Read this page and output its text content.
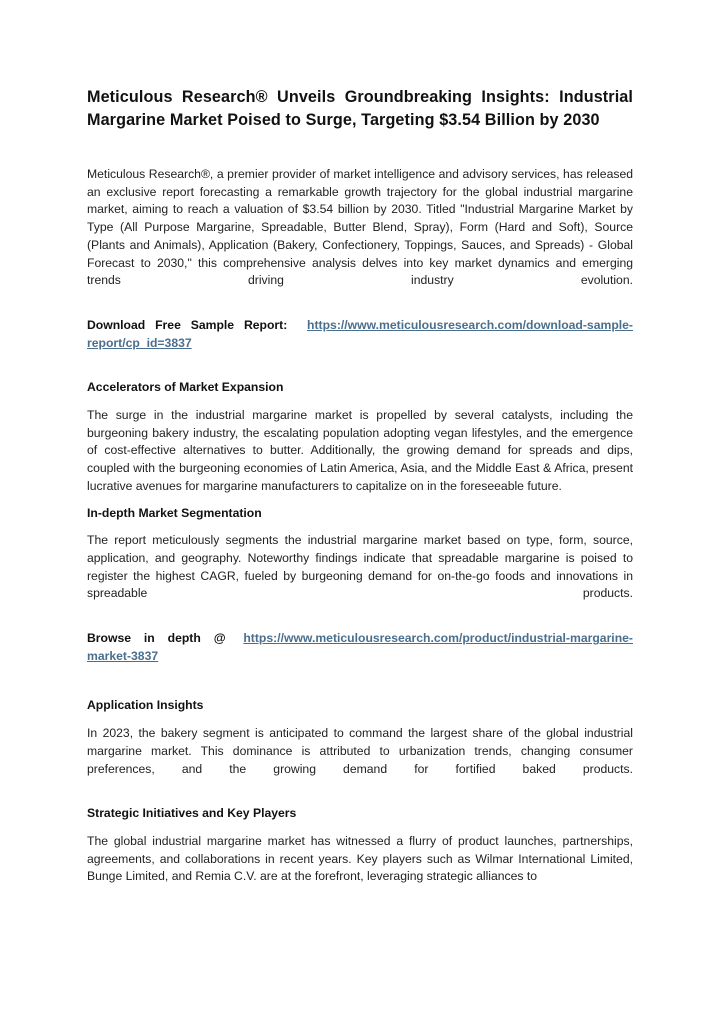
Meticulous Research® Unveils Groundbreaking Insights: Industrial Margarine Market Poised to Surge, Targeting $3.54 Billion by 2030

Meticulous Research®, a premier provider of market intelligence and advisory services, has released an exclusive report forecasting a remarkable growth trajectory for the global industrial margarine market, aiming to reach a valuation of $3.54 billion by 2030. Titled "Industrial Margarine Market by Type (All Purpose Margarine, Spreadable, Butter Blend, Spray), Form (Hard and Soft), Source (Plants and Animals), Application (Bakery, Confectionery, Toppings, Sauces, and Spreads) - Global Forecast to 2030," this comprehensive analysis delves into key market dynamics and emerging trends driving industry evolution.

Download Free Sample Report: https://www.meticulousresearch.com/download-sample-report/cp_id=3837

Accelerators of Market Expansion

The surge in the industrial margarine market is propelled by several catalysts, including the burgeoning bakery industry, the escalating population adopting vegan lifestyles, and the emergence of cost-effective alternatives to butter. Additionally, the growing demand for spreads and dips, coupled with the burgeoning economies of Latin America, Asia, and the Middle East & Africa, present lucrative avenues for margarine manufacturers to capitalize on in the foreseeable future.

In-depth Market Segmentation

The report meticulously segments the industrial margarine market based on type, form, source, application, and geography. Noteworthy findings indicate that spreadable margarine is poised to register the highest CAGR, fueled by burgeoning demand for on-the-go foods and innovations in spreadable products.

Browse in depth @ https://www.meticulousresearch.com/product/industrial-margarine-market-3837

Application Insights

In 2023, the bakery segment is anticipated to command the largest share of the global industrial margarine market. This dominance is attributed to urbanization trends, changing consumer preferences, and the growing demand for fortified baked products.

Strategic Initiatives and Key Players

The global industrial margarine market has witnessed a flurry of product launches, partnerships, agreements, and collaborations in recent years. Key players such as Wilmar International Limited, Bunge Limited, and Remia C.V. are at the forefront, leveraging strategic alliances to
